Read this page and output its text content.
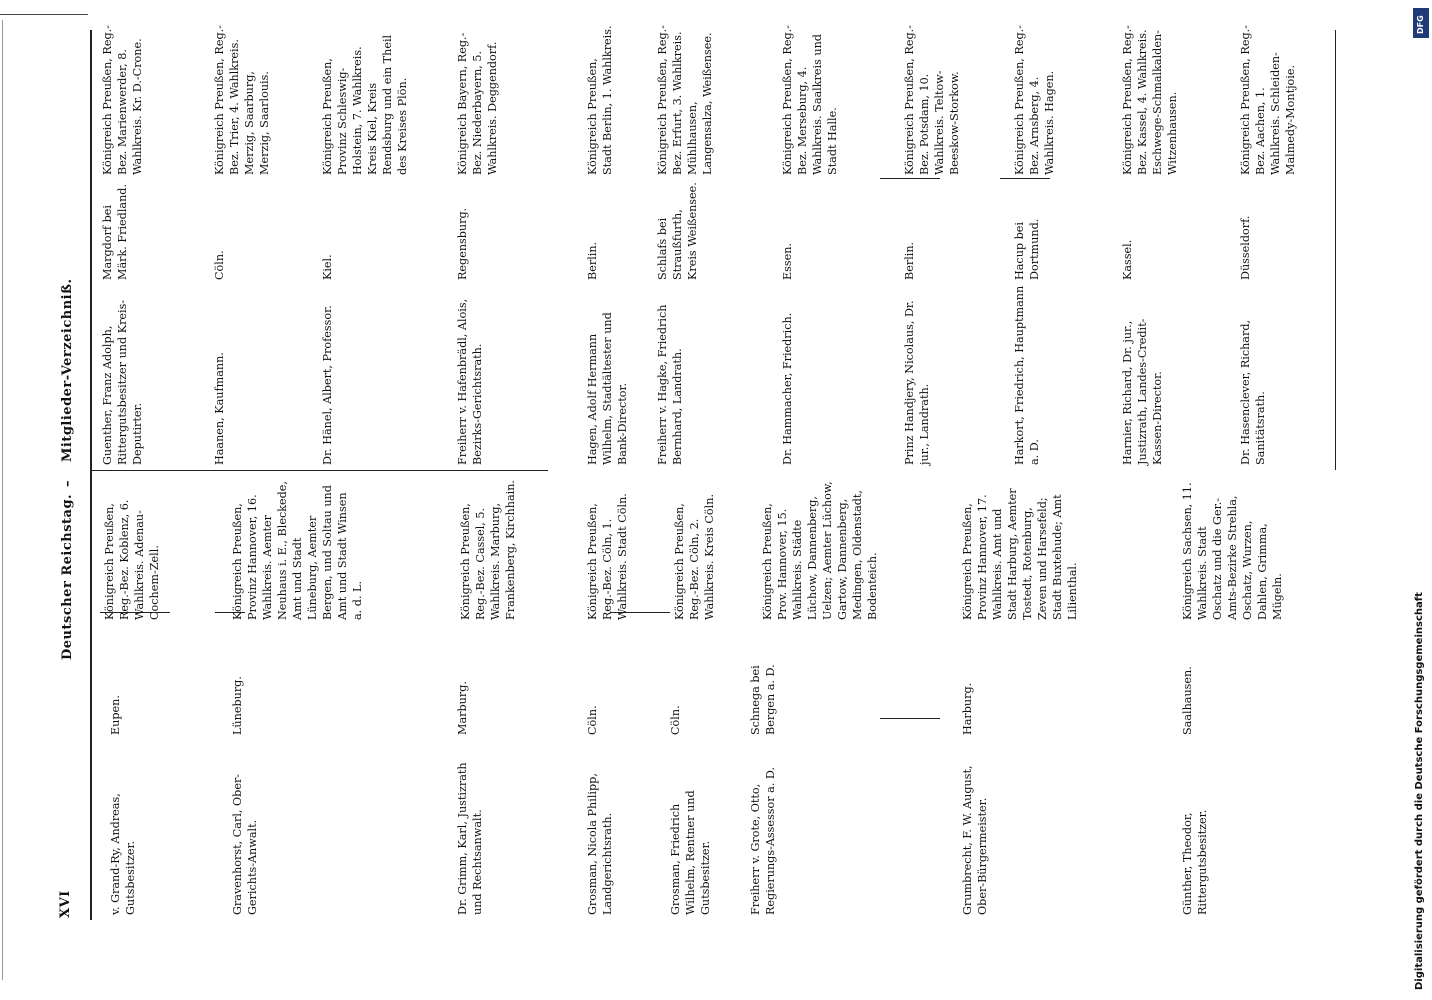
XVI
Deutscher Reichstag.
–
Mitglieder-Verzeichniß.
v. Grand-Ry, Andreas, Gutsbesitzer.
Eupen.
Königreich Preußen, Reg.-Bez. Koblenz, 6. Wahlkreis. Adenau-Cochem-Zell.
Gravenhorst, Carl, Ober-Gerichts-Anwalt.
Lüneburg.
Königreich Preußen, Provinz Hannover, 16. Wahlkreis. Aemter Neuhaus i. E., Bleckede, Amt und Stadt Lüneburg, Aemter Bergen, und Soltau und Amt und Stadt Winsen a. d. L.
Dr. Grimm, Karl, Justizrath und Rechtsanwalt.
Marburg.
Königreich Preußen, Reg.-Bez. Cassel, 5. Wahlkreis. Marburg, Frankenberg, Kirchhain.
Grosman, Nicola Philipp, Landgerichtsrath.
Cöln.
Königreich Preußen, Reg.-Bez. Cöln, 1. Wahlkreis. Stadt Cöln.
Grosman, Friedrich Wilhelm, Rentner und Gutsbesitzer.
Cöln.
Königreich Preußen, Reg.-Bez. Cöln, 2. Wahlkreis. Kreis Cöln.
Freiherr v. Grote, Otto, Regierungs-Assessor a. D.
Schnega bei Bergen a. D.
Königreich Preußen, Prov. Hannover, 15. Wahlkreis. Städte Lüchow, Dannenberg, Uelzen; Aemter Lüchow, Gartow, Dannenberg, Medingen, Oldenstadt, Bodenteich.
Grumbrecht, F. W. August, Ober-Bürgermeister.
Harburg.
Königreich Preußen, Provinz Hannover, 17. Wahlkreis. Amt und Stadt Harburg, Aemter Tostedt, Rotenburg, Zeven und Harsefeld; Stadt Buxtehude; Amt Lilienthal.
Günther, Theodor, Rittergutsbesitzer.
Saalhausen.
Königreich Sachsen, 11. Wahlkreis. Stadt Oschatz und die Ger.-Amts-Bezirke Strehla, Oschatz, Wurzen, Dahlen, Grimma, Mügeln.
Guenther, Franz Adolph, Rittergutsbesitzer und Kreis-Deputirter.
Margdorf bei Märk. Friedland.
Königreich Preußen, Reg.-Bez. Marienwerder, 8. Wahlkreis. Kr. D.-Crone.
Haanen, Kaufmann.
Cöln.
Königreich Preußen, Reg.-Bez. Trier, 4. Wahlkreis. Merzig, Saarburg, Merzig, Saarlouis.
Dr. Hänel, Albert, Professor.
Kiel.
Königreich Preußen, Provinz Schleswig-Holstein, 7. Wahlkreis. Kreis Kiel, Kreis Rendsburg und ein Theil des Kreises Plön.
Freiherr v. Hafenbrädl, Alois, Bezirks-Gerichtsrath.
Regensburg.
Königreich Bayern, Reg.-Bez. Niederbayern, 5. Wahlkreis. Deggendorf.
Hagen, Adolf Hermann Wilhelm, Stadtältester und Bank-Director.
Berlin.
Königreich Preußen, Stadt Berlin, 1. Wahlkreis.
Freiherr v. Hagke, Friedrich Bernhard, Landrath.
Schlafs bei Straußfurth, Kreis Weißensee.
Königreich Preußen, Reg.-Bez. Erfurt, 3. Wahlkreis. Mühlhausen, Langensalza, Weißensee.
Dr. Hammacher, Friedrich.
Essen.
Königreich Preußen, Reg.-Bez. Merseburg, 4. Wahlkreis. Saalkreis und Stadt Halle.
Prinz Handjery, Nicolaus, Dr. jur., Landrath.
Berlin.
Königreich Preußen, Reg.-Bez. Potsdam, 10. Wahlkreis. Teltow-Beeskow-Storkow.
Harkort, Friedrich, Hauptmann a. D.
Hacup bei Dortmund.
Königreich Preußen, Reg.-Bez. Arnsberg, 4. Wahlkreis. Hagen.
Harnier, Richard, Dr. jur., Justizrath, Landes-Credit-Kassen-Director.
Kassel.
Königreich Preußen, Reg.-Bez. Kassel, 4. Wahlkreis. Eschwege-Schmalkalden-Witzenhausen.
Dr. Hasenclever, Richard, Sanitätsrath.
Düsseldorf.
Königreich Preußen, Reg.-Bez. Aachen, 1. Wahlkreis. Schleiden-Malmedy-Montjoie.
Digitalisierung gefördert durch die Deutsche Forschungsgemeinschaft
DFG
